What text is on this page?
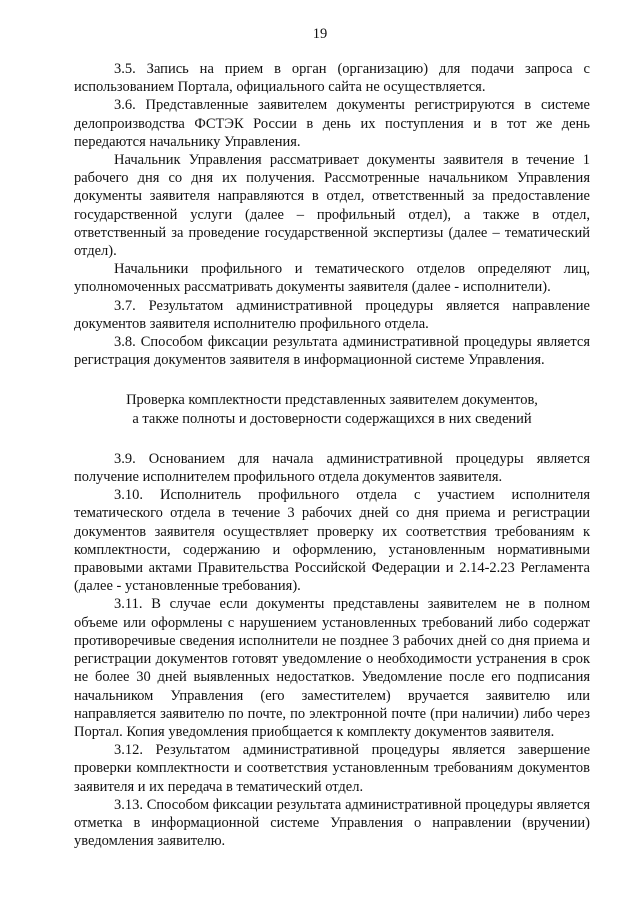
19

3.5. Запись на прием в орган (организацию) для подачи запроса с использованием Портала, официального сайта не осуществляется.

3.6. Представленные заявителем документы регистрируются в системе делопроизводства ФСТЭК России в день их поступления и в тот же день передаются начальнику Управления.

Начальник Управления рассматривает документы заявителя в течение 1 рабочего дня со дня их получения. Рассмотренные начальником Управления документы заявителя направляются в отдел, ответственный за предоставление государственной услуги (далее – профильный отдел), а также в отдел, ответственный за проведение государственной экспертизы (далее – тематический отдел).

Начальники профильного и тематического отделов определяют лиц, уполномоченных рассматривать документы заявителя (далее - исполнители).

3.7. Результатом административной процедуры является направление документов заявителя исполнителю профильного отдела.

3.8. Способом фиксации результата административной процедуры является регистрация документов заявителя в информационной системе Управления.

Проверка комплектности представленных заявителем документов,

а также полноты и достоверности содержащихся в них сведений

3.9. Основанием для начала административной процедуры является получение исполнителем профильного отдела документов заявителя.

3.10. Исполнитель профильного отдела с участием исполнителя тематического отдела в течение 3 рабочих дней со дня приема и регистрации документов заявителя осуществляет проверку их соответствия требованиям к комплектности, содержанию и оформлению, установленным нормативными правовыми актами Правительства Российской Федерации и 2.14-2.23 Регламента (далее - установленные требования).

3.11. В случае если документы представлены заявителем не в полном объеме или оформлены с нарушением установленных требований либо содержат противоречивые сведения исполнители не позднее 3 рабочих дней со дня приема и регистрации документов готовят уведомление о необходимости устранения в срок не более 30 дней выявленных недостатков. Уведомление после его подписания начальником Управления (его заместителем) вручается заявителю или направляется заявителю по почте, по электронной почте (при наличии) либо через Портал. Копия уведомления приобщается к комплекту документов заявителя.

3.12. Результатом административной процедуры является завершение проверки комплектности и соответствия установленным требованиям документов заявителя и их передача в тематический отдел.

3.13. Способом фиксации результата административной процедуры является отметка в информационной системе Управления о направлении (вручении) уведомления заявителю.
